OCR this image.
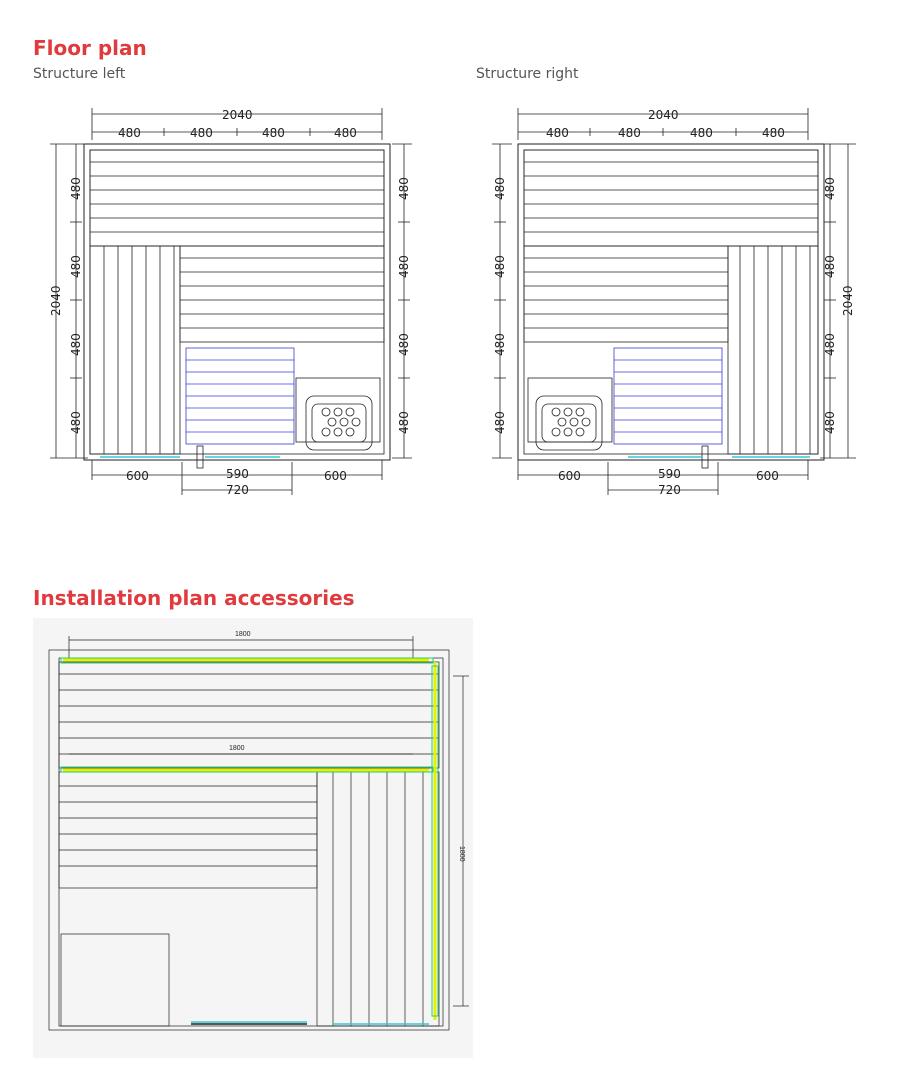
Floor plan

Structure left	Structure right

Installation plan accessories
2040
480	480	480	480
2040
480
480
480
480
480
480
480
480
600	600
590
720
2040
480	480	480	480
480
480
480
480
480
480
480
480
2040
600	600
590
720
1800
1800
1800
